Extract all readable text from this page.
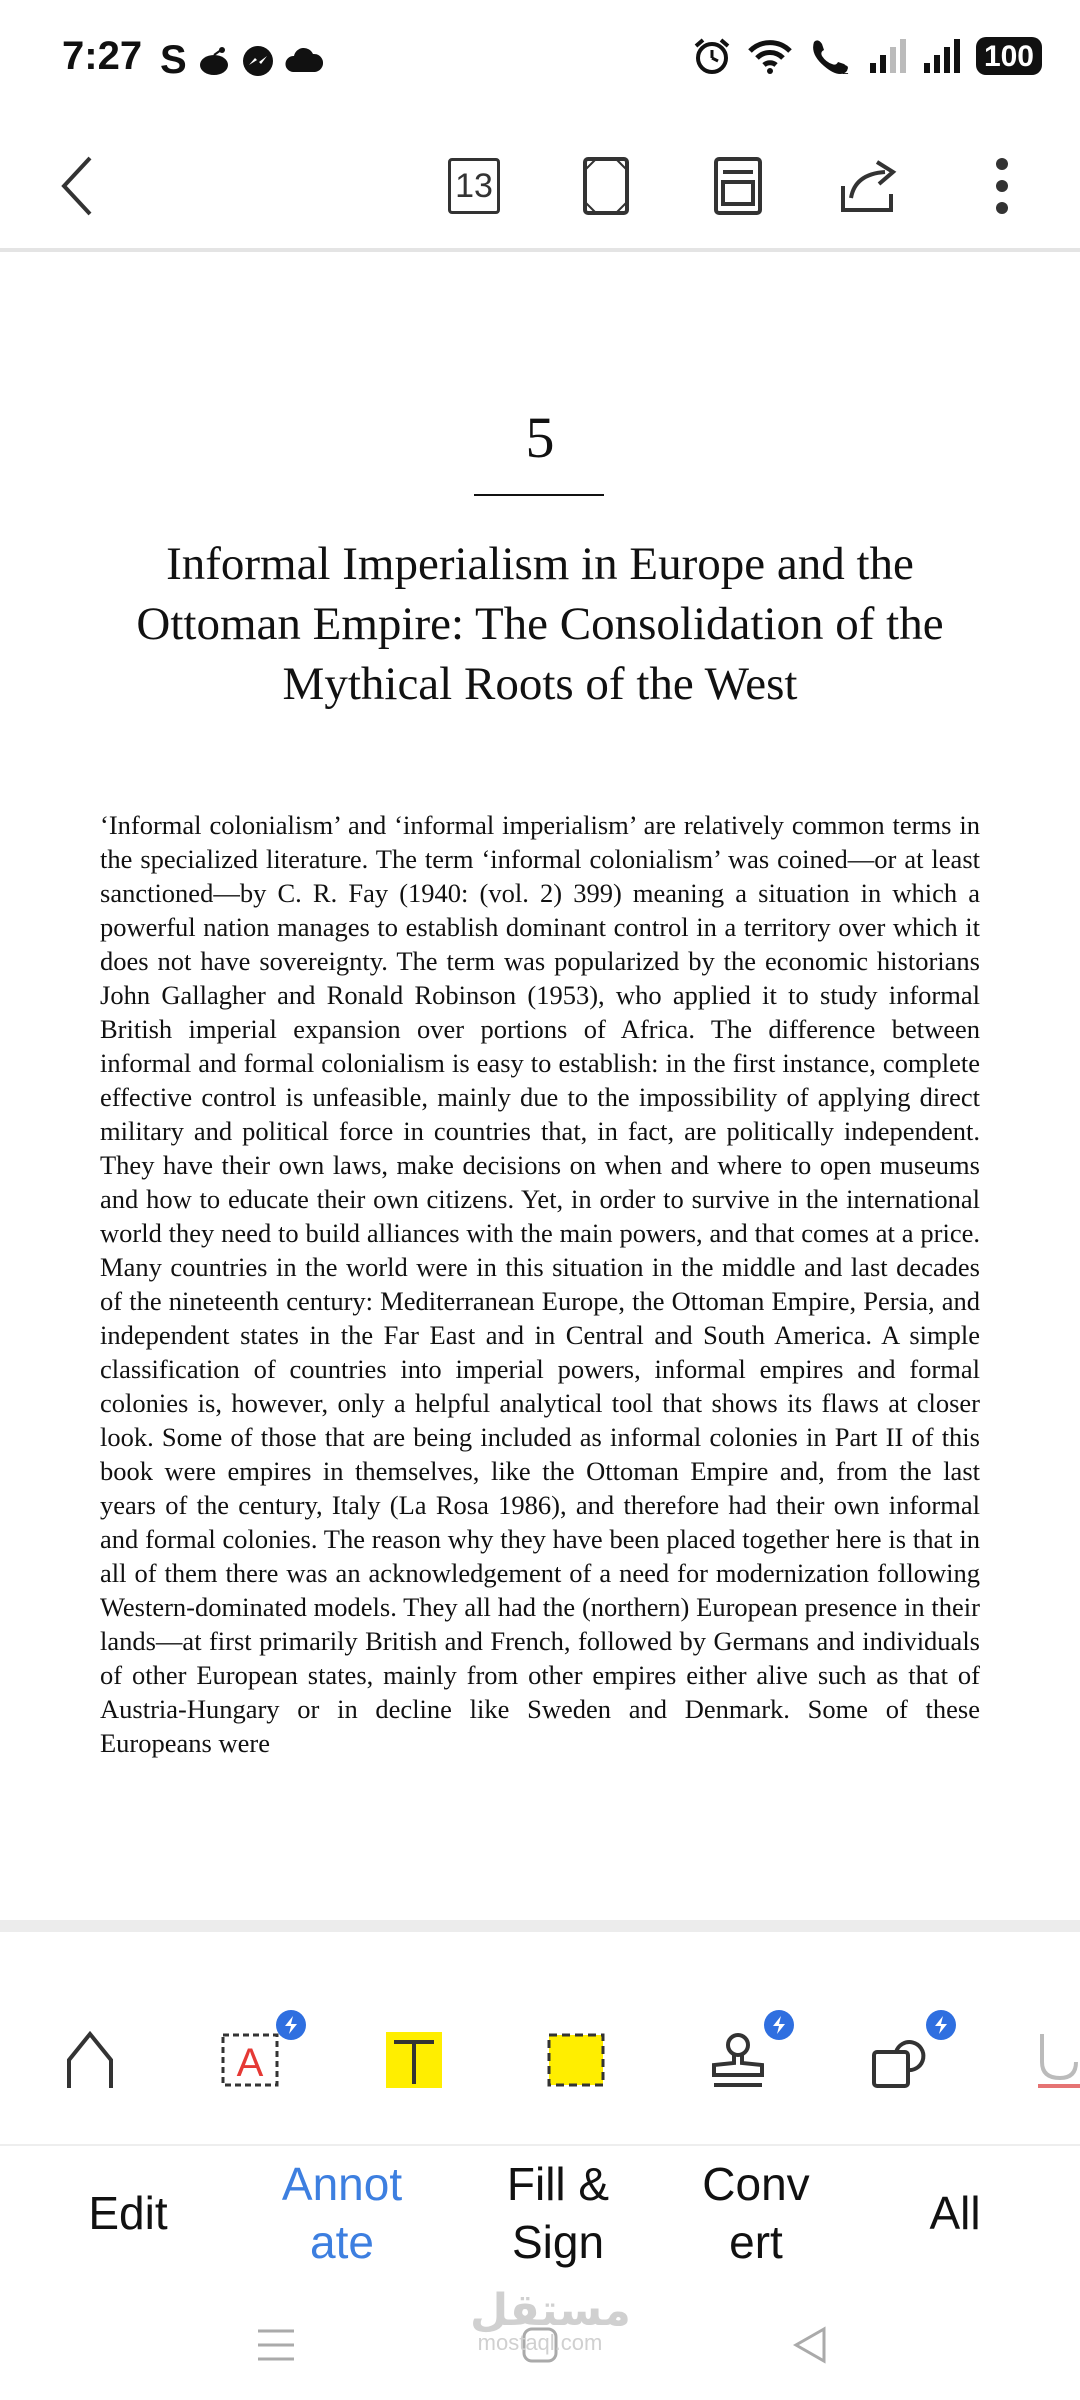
7:27 S	2	100
13
5
Informal Imperialism in Europe and the Ottoman Empire: The Consolidation of the Mythical Roots of the West
‘Informal colonialism’ and ‘informal imperialism’ are relatively common terms in the specialized literature. The term ‘informal colonialism’ was coined—or at least sanctioned—by C. R. Fay (1940: (vol. 2) 399) meaning a situation in which a powerful nation manages to establish dominant control in a territory over which it does not have sovereignty. The term was popularized by the economic historians John Gallagher and Ronald Robinson (1953), who applied it to study informal British imperial expansion over portions of Africa. The difference between informal and formal colonialism is easy to establish: in the first instance, complete effective control is unfeasible, mainly due to the impossibility of applying direct military and political force in countries that, in fact, are politically independent. They have their own laws, make decisions on when and where to open museums and how to educate their own citizens. Yet, in order to survive in the international world they need to build alliances with the main powers, and that comes at a price. Many countries in the world were in this situation in the middle and last decades of the nineteenth century: Mediterranean Europe, the Ottoman Empire, Persia, and independent states in the Far East and in Central and South America. A simple classification of countries into imperial powers, informal empires and formal colonies is, however, only a helpful analytical tool that shows its flaws at closer look. Some of those that are being included as informal colonies in Part II of this book were empires in themselves, like the Ottoman Empire and, from the last years of the century, Italy (La Rosa 1986), and therefore had their own informal and formal colonies. The reason why they have been placed together here is that in all of them there was an acknowledgement of a need for modernization following Western-dominated models. They all had the (northern) European presence in their lands—at first primarily British and French, followed by Germans and individuals of other European states, mainly from other empires either alive such as that of Austria-Hungary or in decline like Sweden and Denmark. Some of these Europeans were
A
Edit
Annotate
Fill & Sign
Convert
All
مستقل
mostaql.com
